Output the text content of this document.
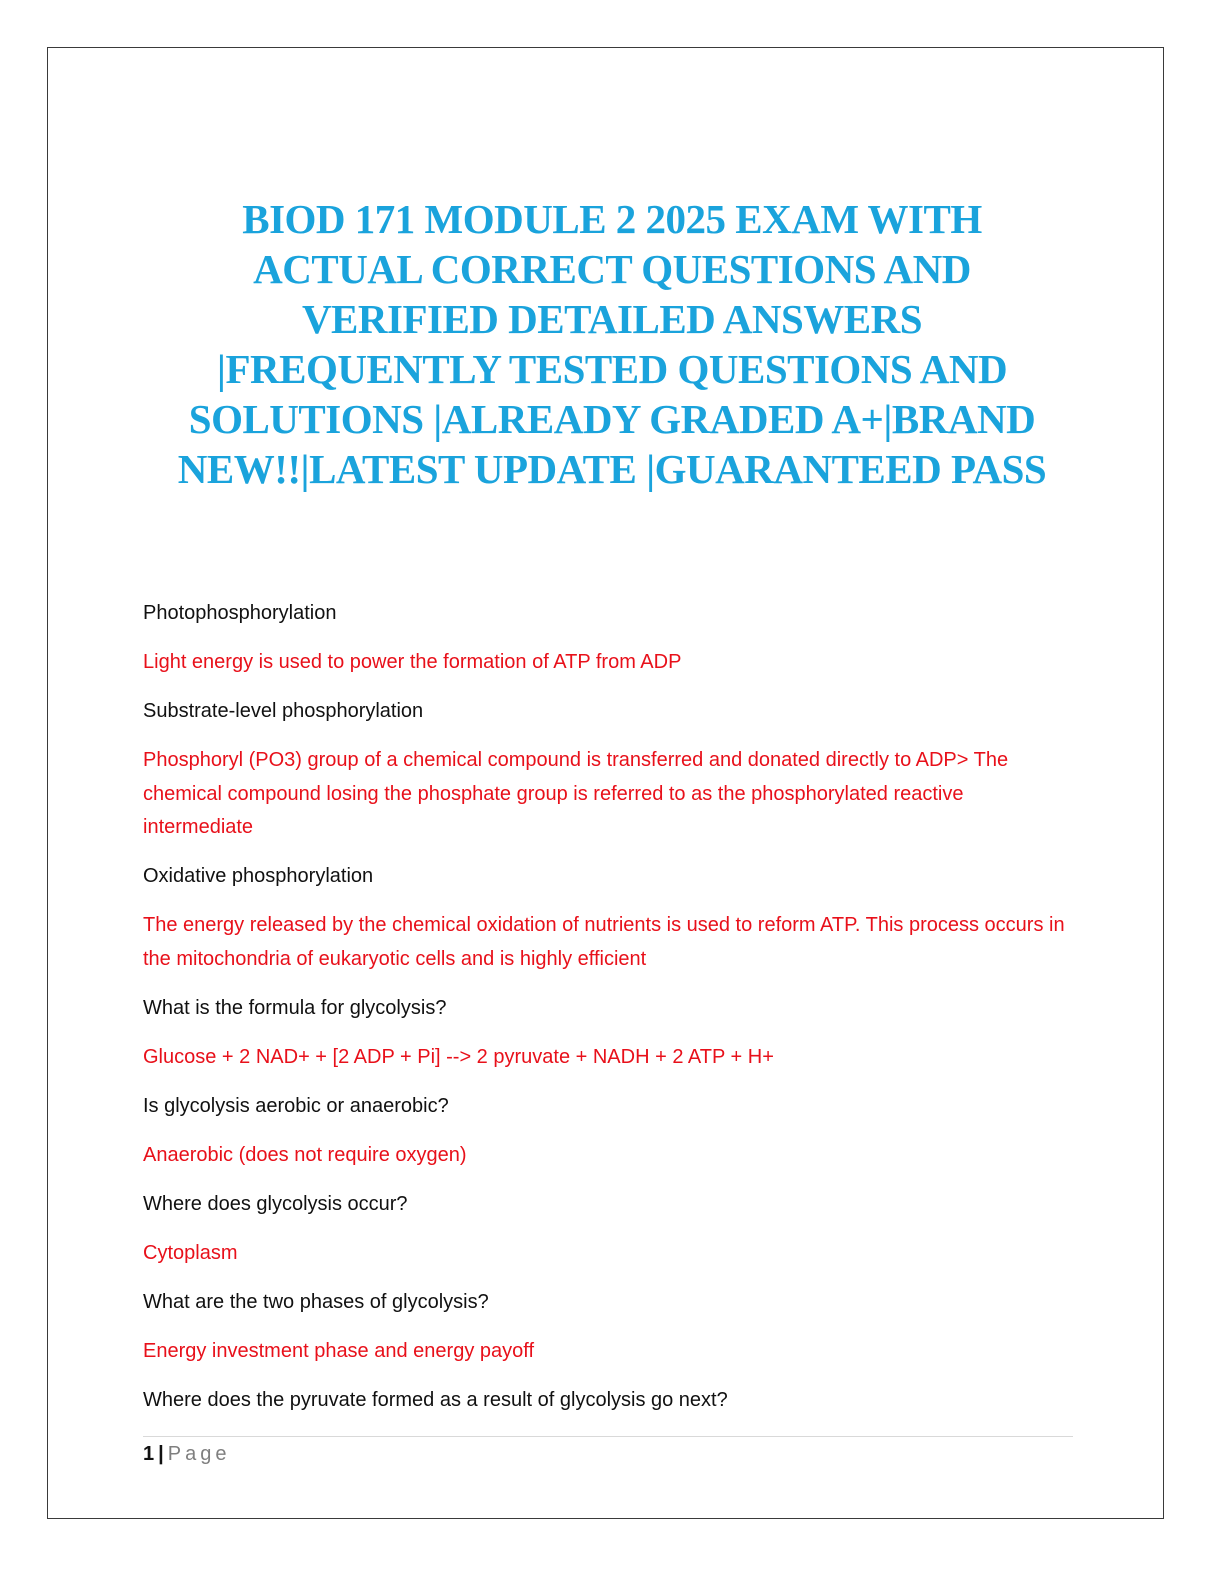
BIOD 171 MODULE 2 2025 EXAM WITH
ACTUAL CORRECT QUESTIONS AND
VERIFIED DETAILED ANSWERS
|FREQUENTLY TESTED QUESTIONS AND
SOLUTIONS |ALREADY GRADED A+|BRAND
NEW!!|LATEST UPDATE |GUARANTEED PASS

Photophosphorylation

Light energy is used to power the formation of ATP from ADP

Substrate-level phosphorylation

Phosphoryl (PO3) group of a chemical compound is transferred and donated directly to ADP> The chemical compound losing the phosphate group is referred to as the phosphorylated reactive intermediate

Oxidative phosphorylation

The energy released by the chemical oxidation of nutrients is used to reform ATP. This process occurs in the mitochondria of eukaryotic cells and is highly efficient

What is the formula for glycolysis?

Glucose + 2 NAD+ + [2 ADP + Pi] --> 2 pyruvate + NADH + 2 ATP + H+

Is glycolysis aerobic or anaerobic?

Anaerobic (does not require oxygen)

Where does glycolysis occur?

Cytoplasm

What are the two phases of glycolysis?

Energy investment phase and energy payoff

Where does the pyruvate formed as a result of glycolysis go next?

1 | Page
